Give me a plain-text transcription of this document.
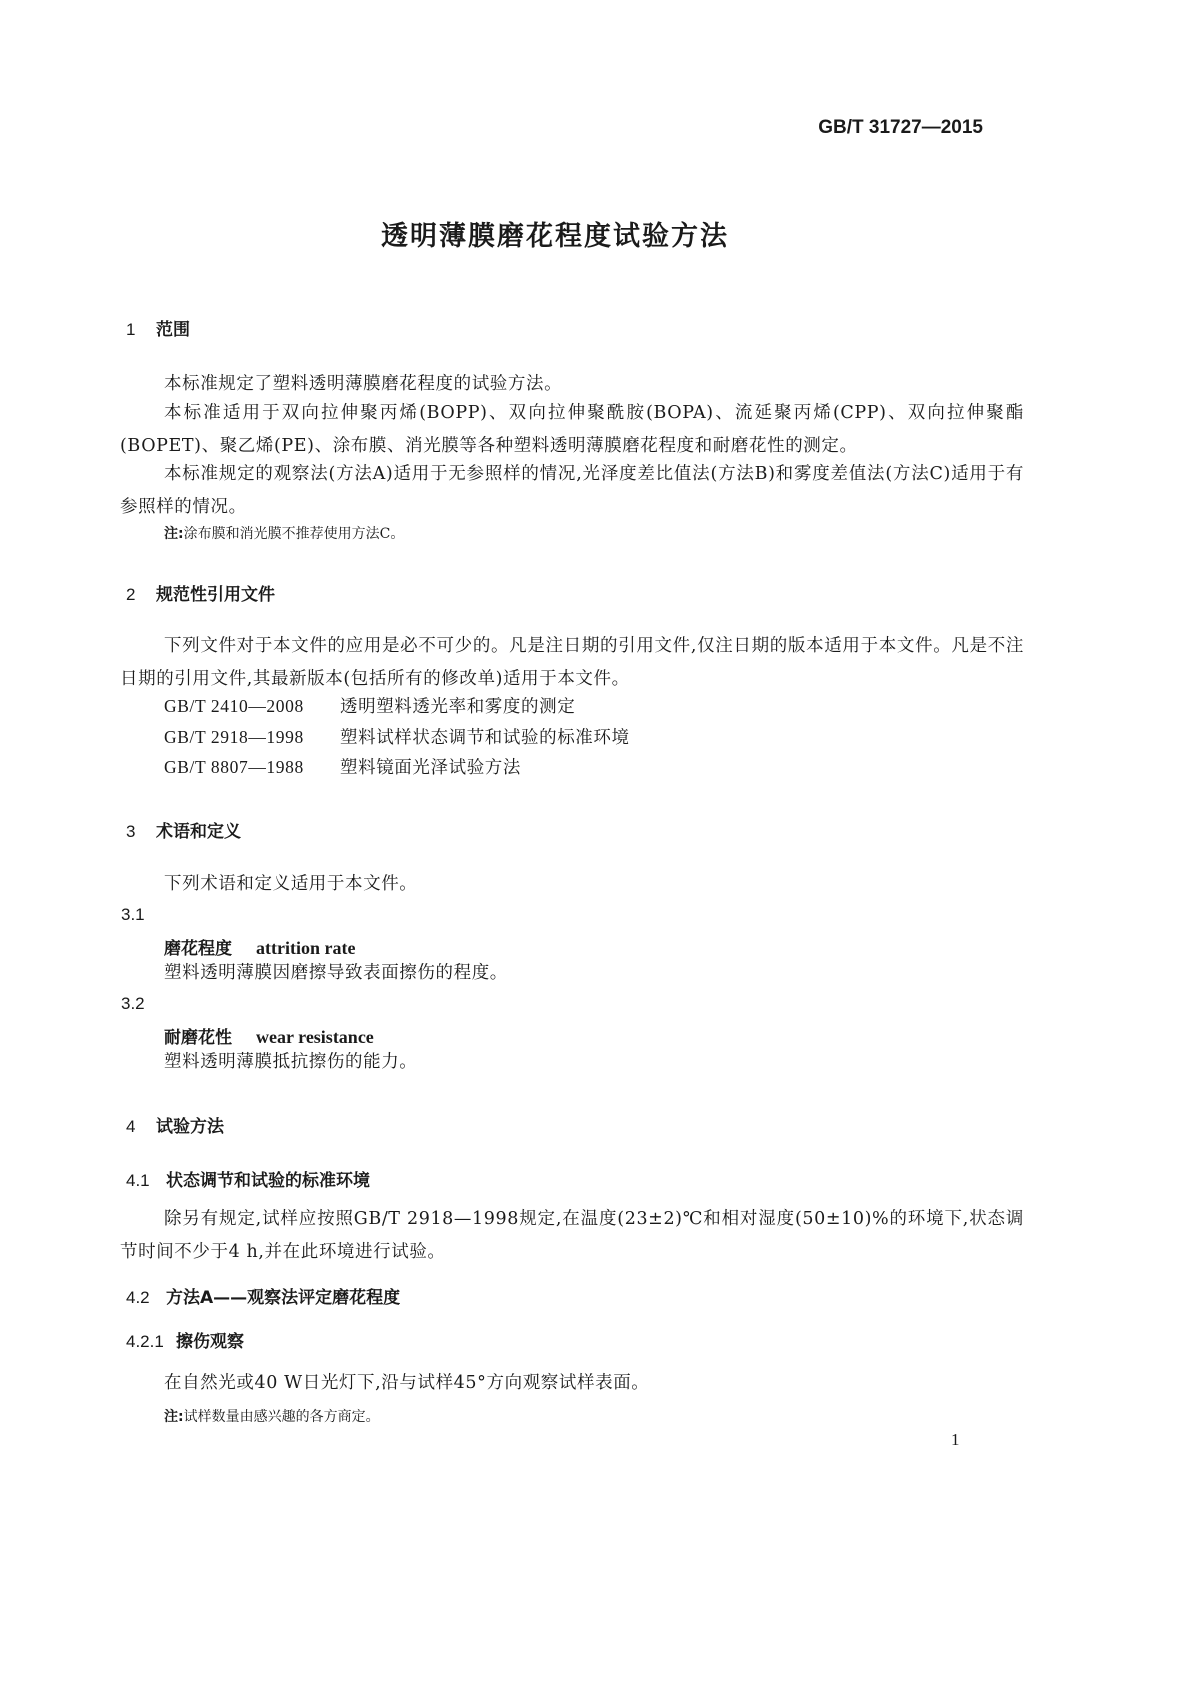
GB/T 31727—2015
透明薄膜磨花程度试验方法
1 范围
本标准规定了塑料透明薄膜磨花程度的试验方法。
本标准适用于双向拉伸聚丙烯(BOPP)、双向拉伸聚酰胺(BOPA)、流延聚丙烯(CPP)、双向拉伸聚酯(BOPET)、聚乙烯(PE)、涂布膜、消光膜等各种塑料透明薄膜磨花程度和耐磨花性的测定。
本标准规定的观察法(方法A)适用于无参照样的情况,光泽度差比值法(方法B)和雾度差值法(方法C)适用于有参照样的情况。
注:涂布膜和消光膜不推荐使用方法C。
2 规范性引用文件
下列文件对于本文件的应用是必不可少的。凡是注日期的引用文件,仅注日期的版本适用于本文件。凡是不注日期的引用文件,其最新版本(包括所有的修改单)适用于本文件。
GB/T 2410—2008 透明塑料透光率和雾度的测定
GB/T 2918—1998 塑料试样状态调节和试验的标准环境
GB/T 8807—1988 塑料镜面光泽试验方法
3 术语和定义
下列术语和定义适用于本文件。
3.1
磨花程度 attrition rate
塑料透明薄膜因磨擦导致表面擦伤的程度。
3.2
耐磨花性 wear resistance
塑料透明薄膜抵抗擦伤的能力。
4 试验方法
4.1 状态调节和试验的标准环境
除另有规定,试样应按照GB/T 2918—1998规定,在温度(23±2)℃和相对湿度(50±10)%的环境下,状态调节时间不少于4 h,并在此环境进行试验。
4.2 方法A——观察法评定磨花程度
4.2.1 擦伤观察
在自然光或40 W日光灯下,沿与试样45°方向观察试样表面。
注:试样数量由感兴趣的各方商定。
1
